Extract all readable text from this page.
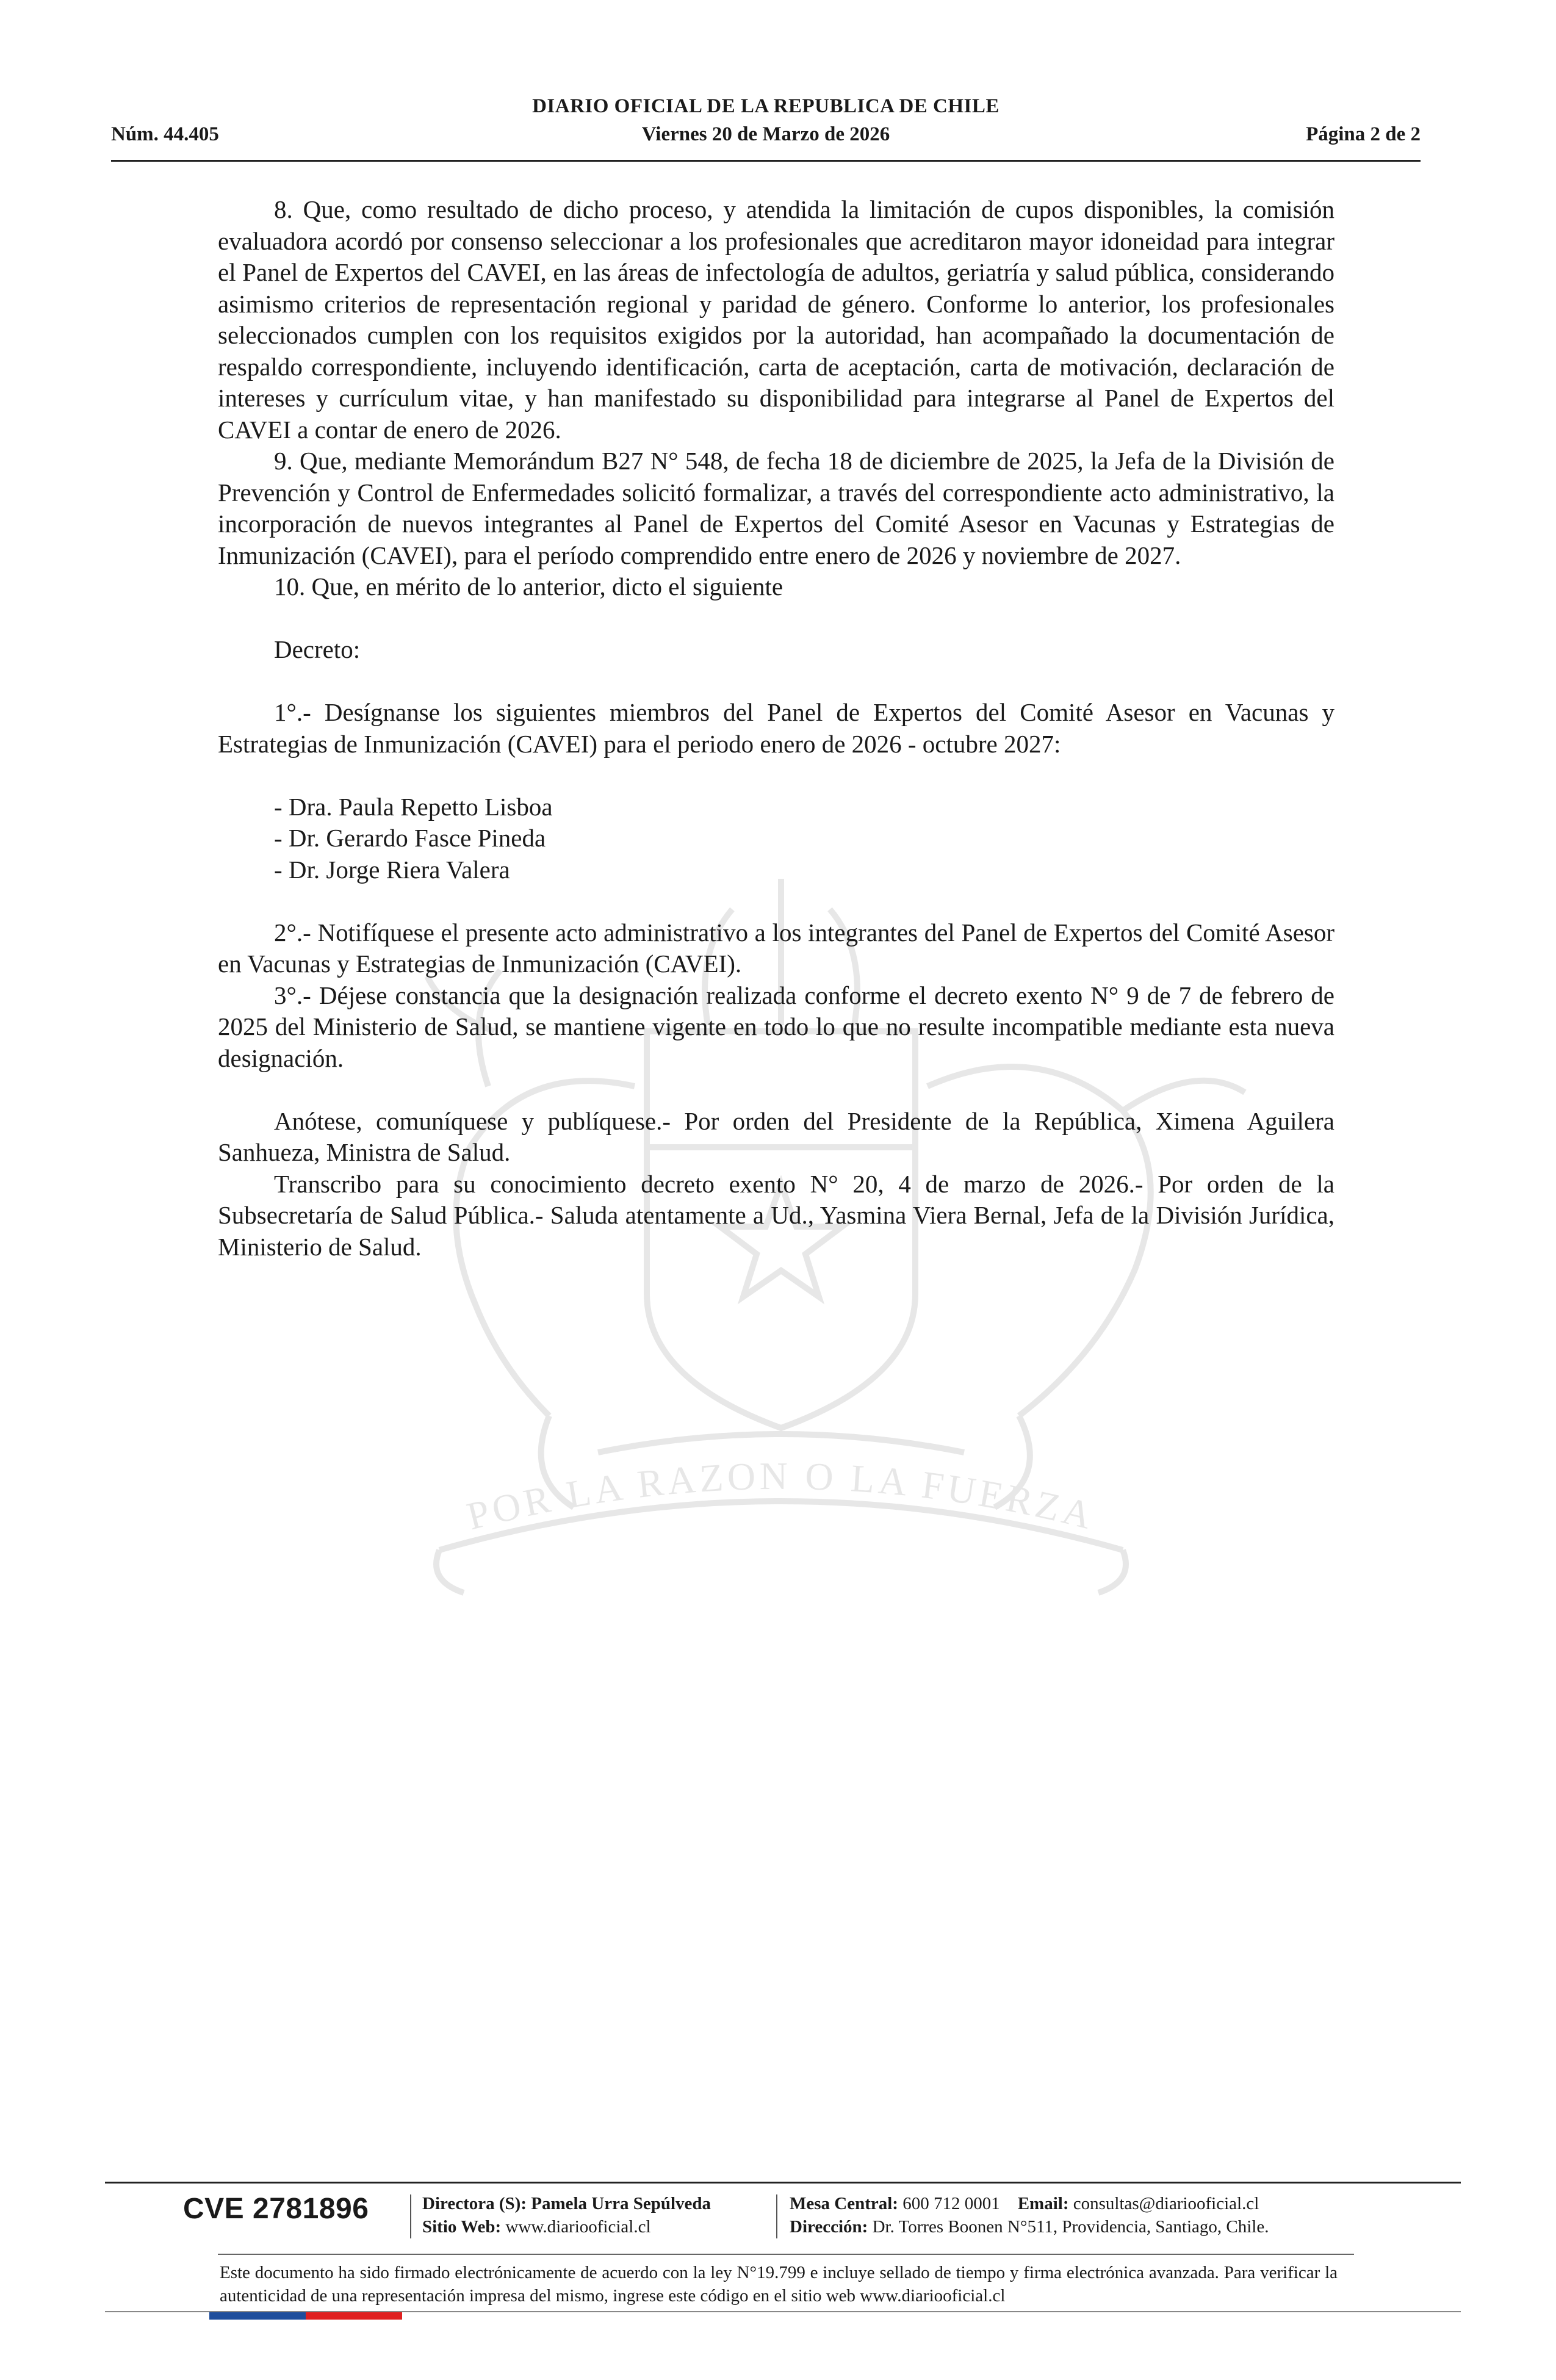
POR LA RAZON O LA FUERZA
DIARIO OFICIAL DE LA REPUBLICA DE CHILE
Núm. 44.405	Viernes 20 de Marzo de 2026	Página 2 de 2

8. Que, como resultado de dicho proceso, y atendida la limitación de cupos disponibles, la comisión evaluadora acordó por consenso seleccionar a los profesionales que acreditaron mayor idoneidad para integrar el Panel de Expertos del CAVEI, en las áreas de infectología de adultos, geriatría y salud pública, considerando asimismo criterios de representación regional y paridad de género. Conforme lo anterior, los profesionales seleccionados cumplen con los requisitos exigidos por la autoridad, han acompañado la documentación de respaldo correspondiente, incluyendo identificación, carta de aceptación, carta de motivación, declaración de intereses y currículum vitae, y han manifestado su disponibilidad para integrarse al Panel de Expertos del CAVEI a contar de enero de 2026.

9. Que, mediante Memorándum B27 N° 548, de fecha 18 de diciembre de 2025, la Jefa de la División de Prevención y Control de Enfermedades solicitó formalizar, a través del correspondiente acto administrativo, la incorporación de nuevos integrantes al Panel de Expertos del Comité Asesor en Vacunas y Estrategias de Inmunización (CAVEI), para el período comprendido entre enero de 2026 y noviembre de 2027.

10. Que, en mérito de lo anterior, dicto el siguiente

Decreto:

1°.- Desígnanse los siguientes miembros del Panel de Expertos del Comité Asesor en Vacunas y Estrategias de Inmunización (CAVEI) para el periodo enero de 2026 - octubre 2027:

- Dra. Paula Repetto Lisboa
- Dr. Gerardo Fasce Pineda
- Dr. Jorge Riera Valera

2°.- Notifíquese el presente acto administrativo a los integrantes del Panel de Expertos del Comité Asesor en Vacunas y Estrategias de Inmunización (CAVEI).

3°.- Déjese constancia que la designación realizada conforme el decreto exento N° 9 de 7 de febrero de 2025 del Ministerio de Salud, se mantiene vigente en todo lo que no resulte incompatible mediante esta nueva designación.

Anótese, comuníquese y publíquese.- Por orden del Presidente de la República, Ximena Aguilera Sanhueza, Ministra de Salud.

Transcribo para su conocimiento decreto exento N° 20, 4 de marzo de 2026.- Por orden de la Subsecretaría de Salud Pública.- Saluda atentamente a Ud., Yasmina Viera Bernal, Jefa de la División Jurídica, Ministerio de Salud.

CVE 2781896	Directora (S): Pamela Urra Sepúlveda
Sitio Web: www.diariooficial.cl
Mesa Central: 600 712 0001 Email: consultas@diariooficial.cl
Dirección: Dr. Torres Boonen N°511, Providencia, Santiago, Chile.
Este documento ha sido firmado electrónicamente de acuerdo con la ley N°19.799 e incluye sellado de tiempo y firma electrónica avanzada. Para verificar la autenticidad de una representación impresa del mismo, ingrese este código en el sitio web www.diariooficial.cl
